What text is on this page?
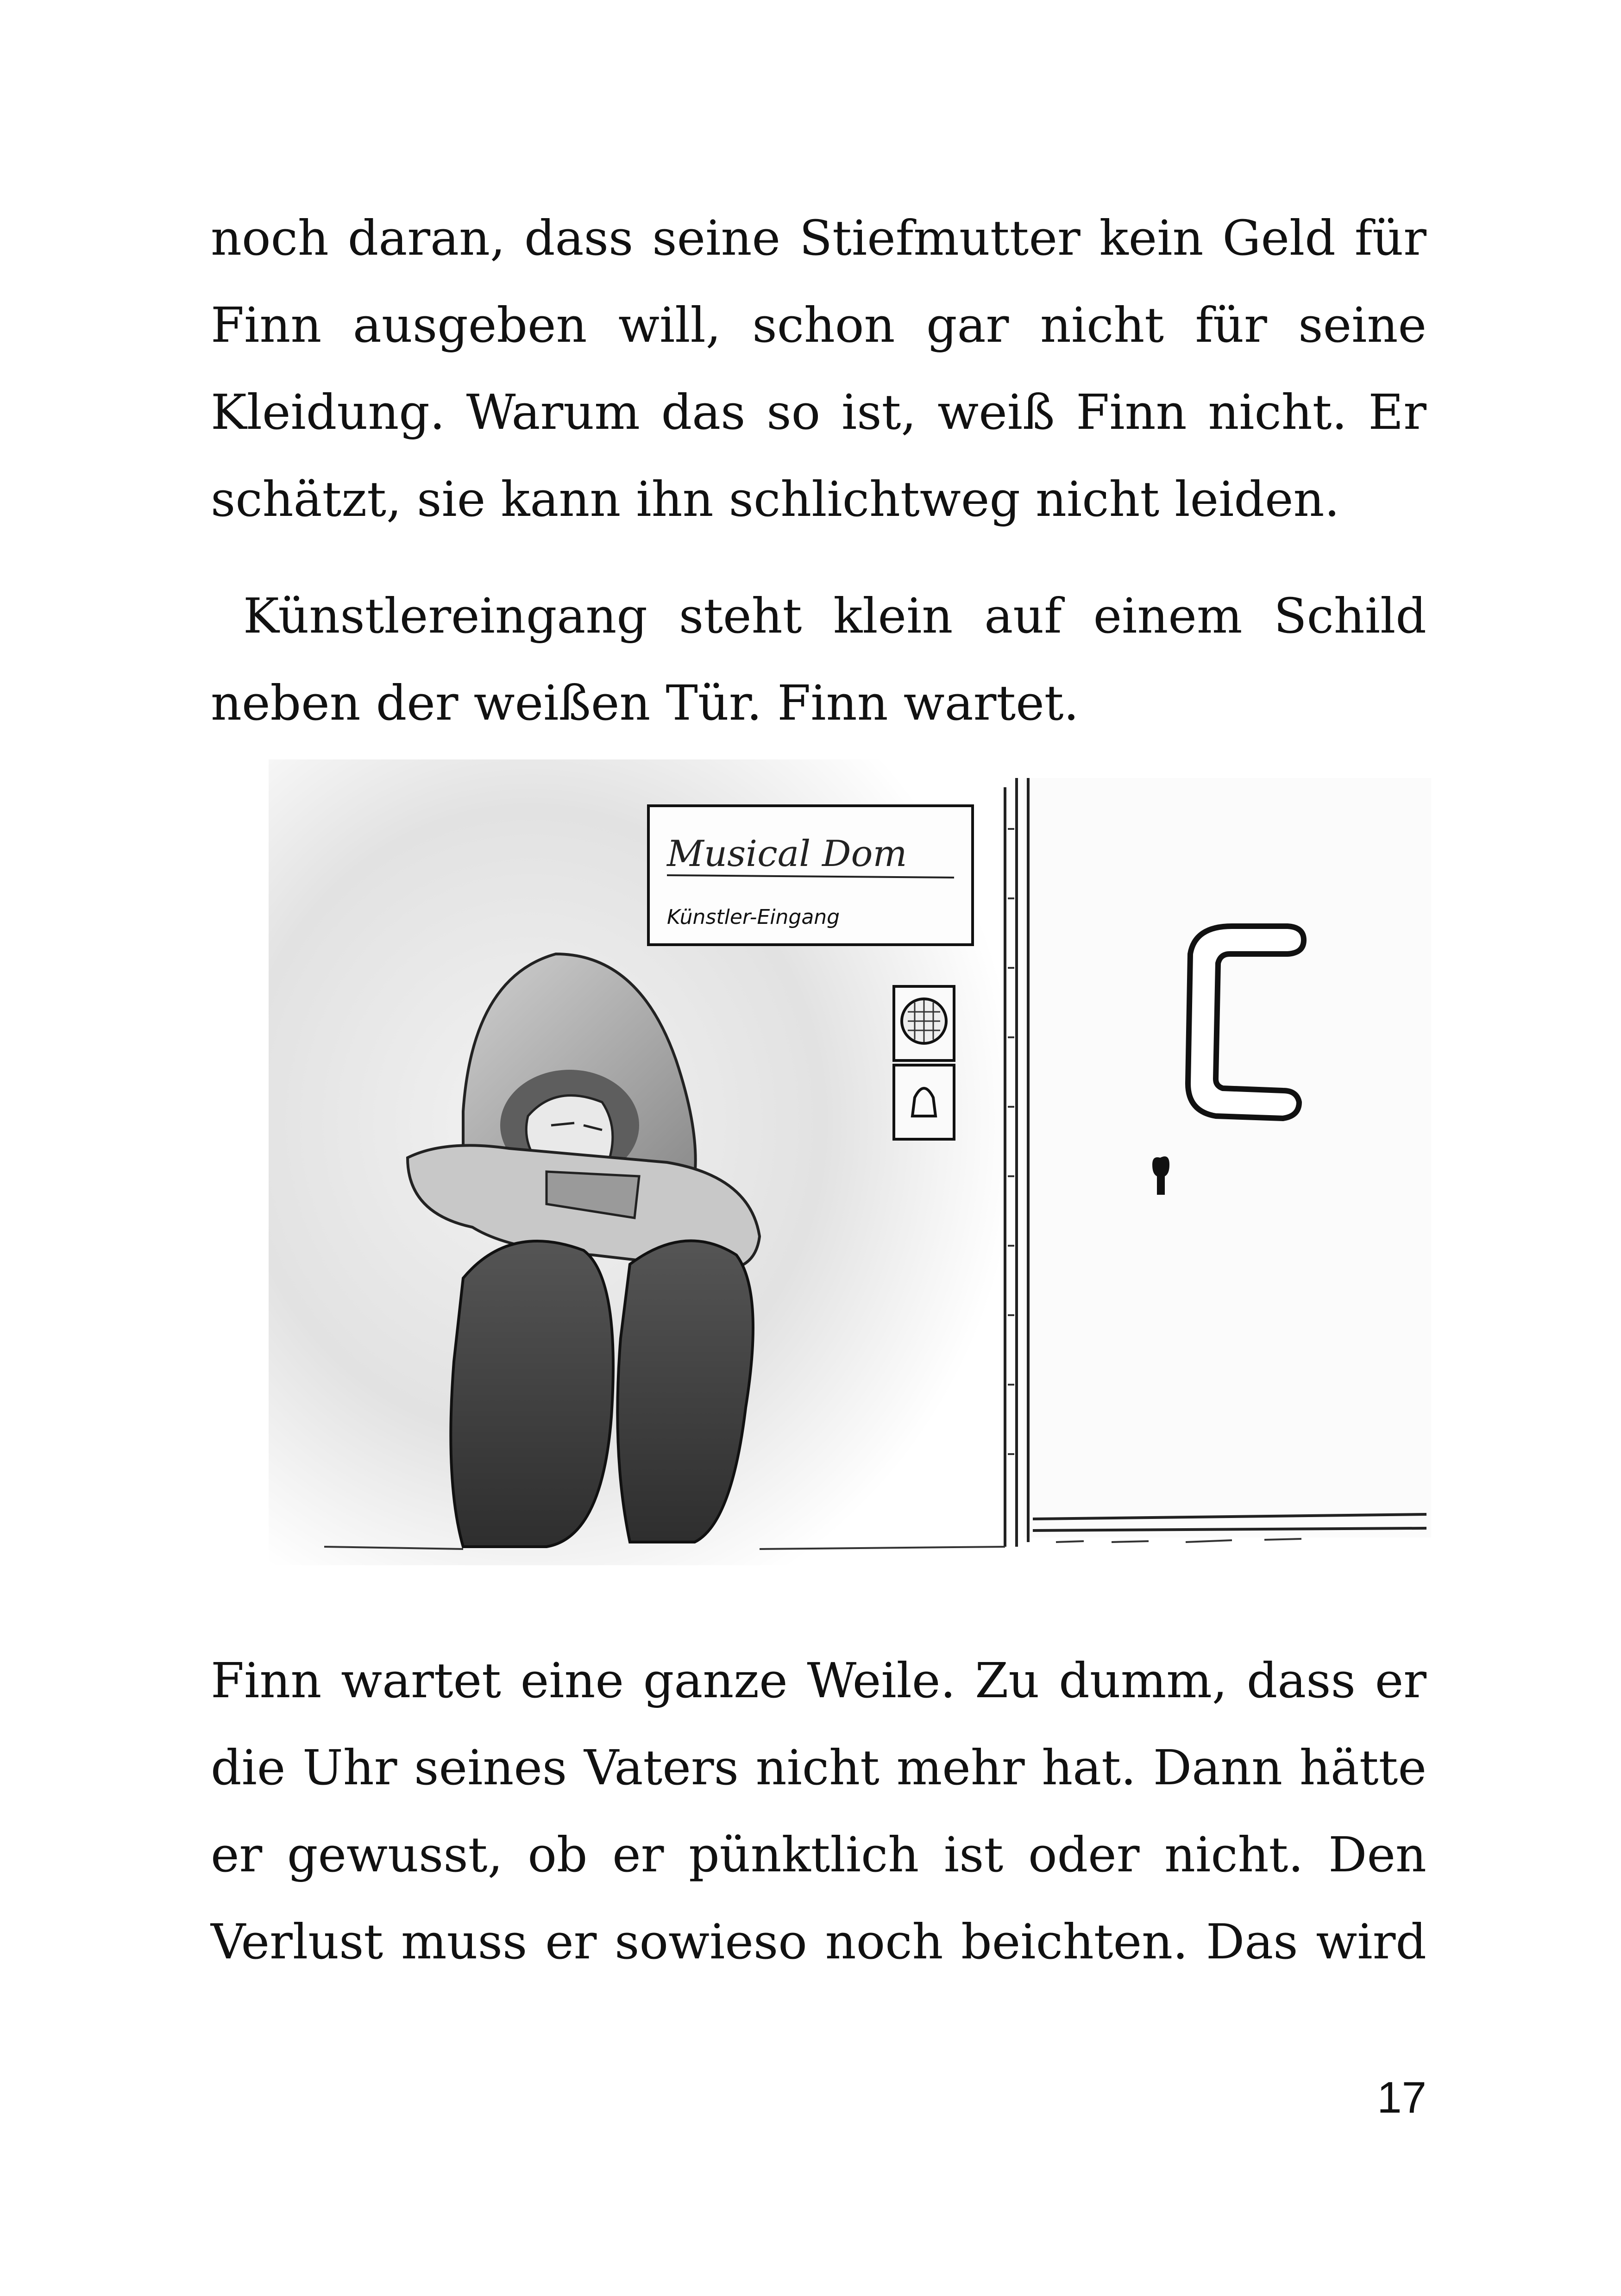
noch daran, dass seine Stiefmutter kein Geld für
Finn ausgeben will, schon gar nicht für seine
Kleidung. Warum das so ist, weiß Finn nicht. Er
schätzt, sie kann ihn schlichtweg nicht leiden.
Künstlereingang steht klein auf einem Schild
neben der weißen Tür. Finn wartet.
Musical Dom
Künstler-Eingang
Finn wartet eine ganze Weile. Zu dumm, dass er
die Uhr seines Vaters nicht mehr hat. Dann hätte
er gewusst, ob er pünktlich ist oder nicht. Den
Verlust muss er sowieso noch beichten. Das wird
17
